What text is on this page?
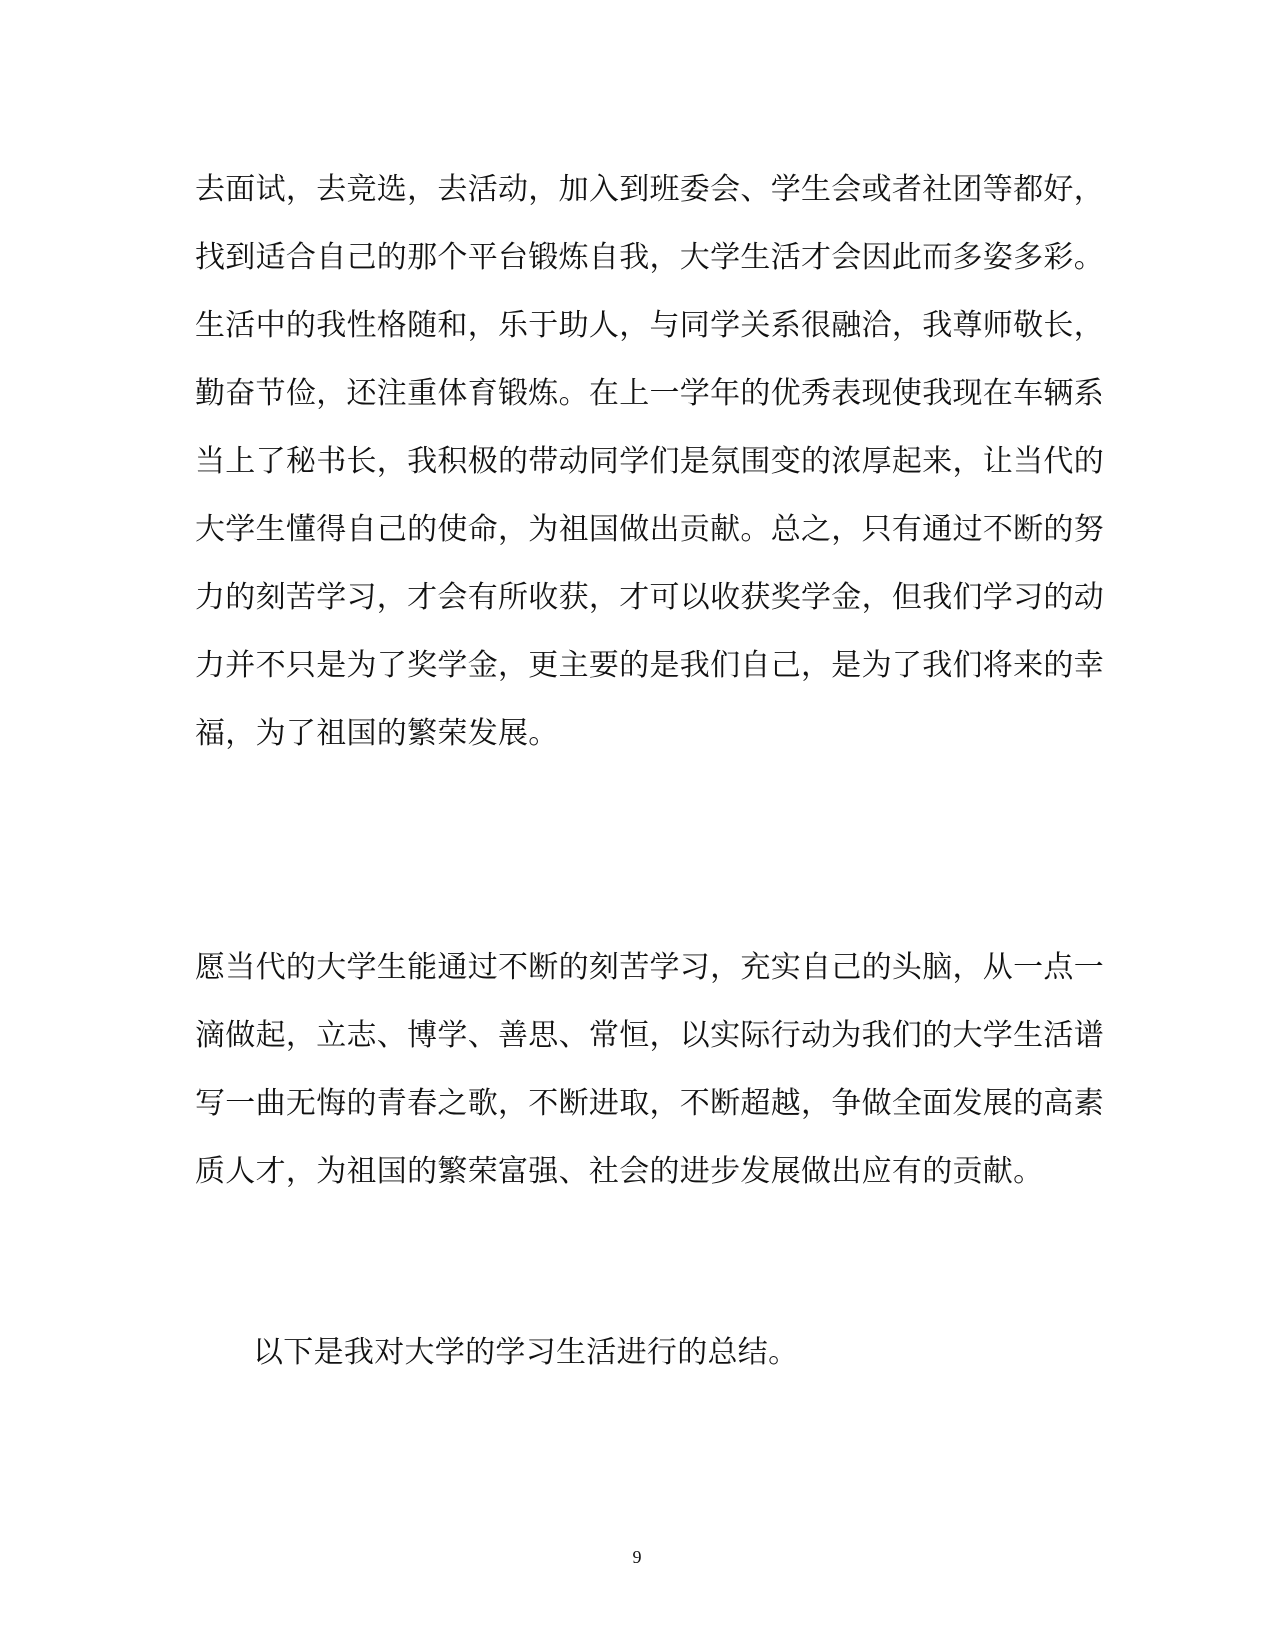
去面试，去竞选，去活动，加入到班委会、学生会或者社团等都好，
找到适合自己的那个平台锻炼自我，大学生活才会因此而多姿多彩。
生活中的我性格随和，乐于助人，与同学关系很融洽，我尊师敬长，
勤奋节俭，还注重体育锻炼。在上一学年的优秀表现使我现在车辆系
当上了秘书长，我积极的带动同学们是氛围变的浓厚起来，让当代的
大学生懂得自己的使命，为祖国做出贡献。总之，只有通过不断的努
力的刻苦学习，才会有所收获，才可以收获奖学金，但我们学习的动
力并不只是为了奖学金，更主要的是我们自己，是为了我们将来的幸
福，为了祖国的繁荣发展。
愿当代的大学生能通过不断的刻苦学习，充实自己的头脑，从一点一
滴做起，立志、博学、善思、常恒，以实际行动为我们的大学生活谱
写一曲无悔的青春之歌，不断进取，不断超越，争做全面发展的高素
质人才，为祖国的繁荣富强、社会的进步发展做出应有的贡献。
以下是我对大学的学习生活进行的总结。
9
